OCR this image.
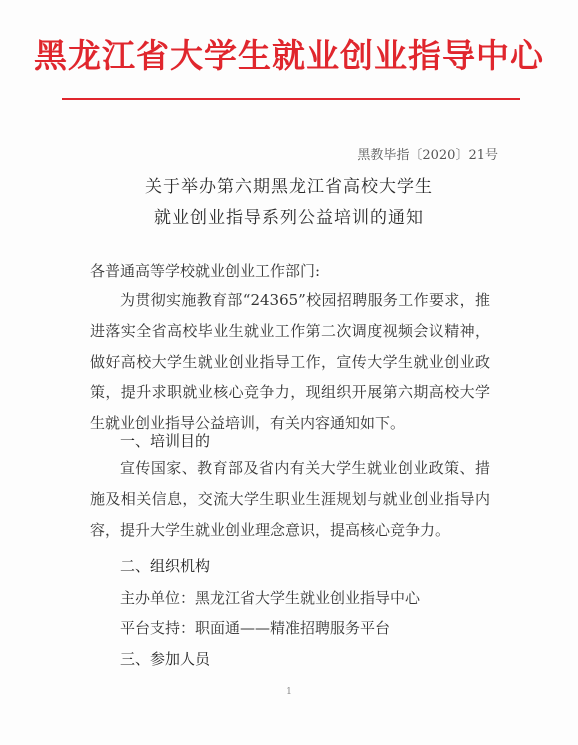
黑龙江省大学生就业创业指导中心
黑教毕指〔2020〕21号
关于举办第六期黑龙江省高校大学生
就业创业指导系列公益培训的通知
各普通高等学校就业创业工作部门:

为贯彻实施教育部“24365”校园招聘服务工作要求，推进落实全省高校毕业生就业工作第二次调度视频会议精神，做好高校大学生就业创业指导工作，宣传大学生就业创业政策，提升求职就业核心竞争力，现组织开展第六期高校大学生就业创业指导公益培训，有关内容通知如下。

一、培训目的

宣传国家、教育部及省内有关大学生就业创业政策、措施及相关信息，交流大学生职业生涯规划与就业创业指导内容，提升大学生就业创业理念意识，提高核心竞争力。

二、组织机构
主办单位：黑龙江省大学生就业创业指导中心
平台支持：职面通——精准招聘服务平台
三、参加人员
1
